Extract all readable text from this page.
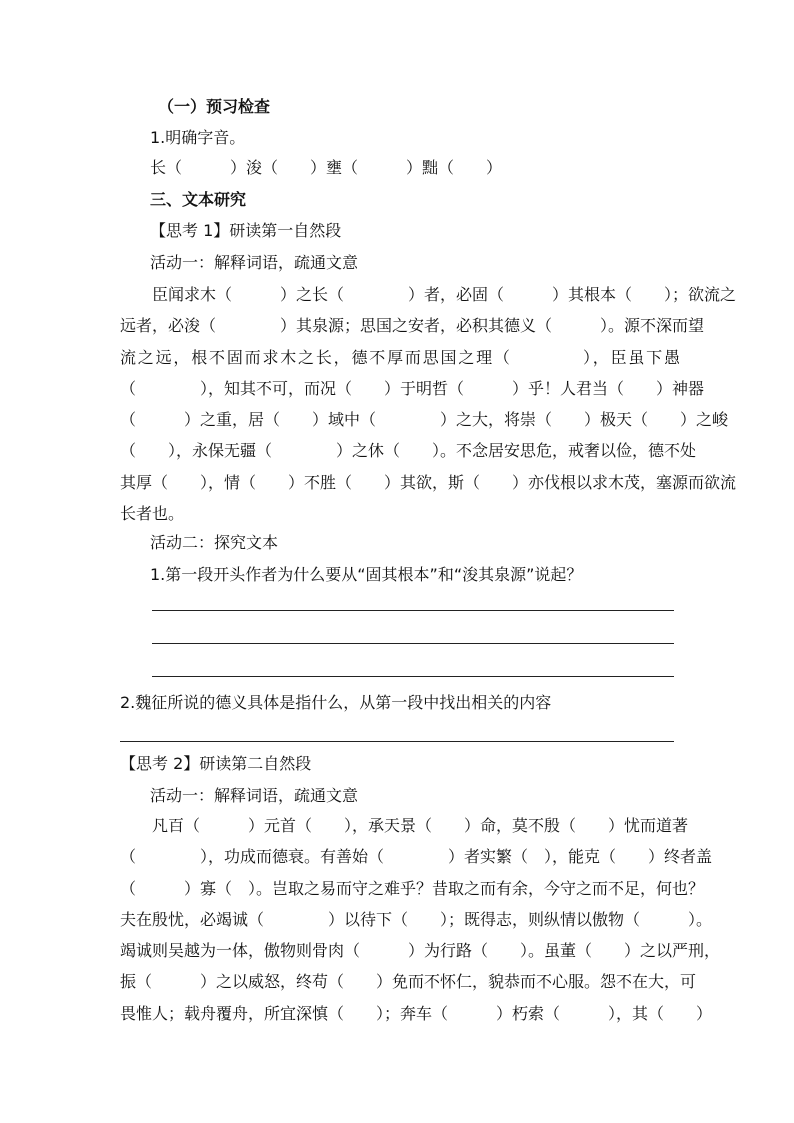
（一）预习检查
1.明确字音。
长（　　　）浚（　　）壅（　　　）黜（　　）
三、文本研究
【思考 1】研读第一自然段
活动一：解释词语，疏通文意
　　臣闻求木（　　　）之长（　　　　）者，必固（　　　）其根本（　　）；欲流之
远者，必浚（　　　　）其泉源；思国之安者，必积其德义（　　　）。源不深而望
流之远，根不固而求木之长，德不厚而思国之理（　　　　），臣虽下愚
（　　　　），知其不可，而况（　　）于明哲（　　　）乎！人君当（　　）神器
（　　　）之重，居（　　）域中（　　　　）之大，将崇（　　）极天（　　）之峻
（　　），永保无疆（　　　　）之休（　　）。不念居安思危，戒奢以俭，德不处
其厚（　　），情（　　）不胜（　　）其欲，斯（　　）亦伐根以求木茂，塞源而欲流
长者也。
活动二：探究文本
1.第一段开头作者为什么要从“固其根本”和“浚其泉源”说起？
2.魏征所说的德义具体是指什么，从第一段中找出相关的内容
【思考 2】研读第二自然段
活动一：解释词语，疏通文意
　　凡百（　　　）元首（　　），承天景（　　）命，莫不殷（　　）忧而道著
（　　　　），功成而德衰。有善始（　　　　）者实繁（　），能克（　　）终者盖
（　　　）寡（　）。岂取之易而守之难乎？昔取之而有余，今守之而不足，何也？
夫在殷忧，必竭诚（　　　　）以待下（　　）；既得志，则纵情以傲物（　　　）。
竭诚则吴越为一体，傲物则骨肉（　　　）为行路（　　）。虽董（　　）之以严刑，
振（　　　）之以威怒，终苟（　　）免而不怀仁，貌恭而不心服。怨不在大，可
畏惟人；载舟覆舟，所宜深慎（　　）；奔车（　　　）朽索（　　　），其（　　）
